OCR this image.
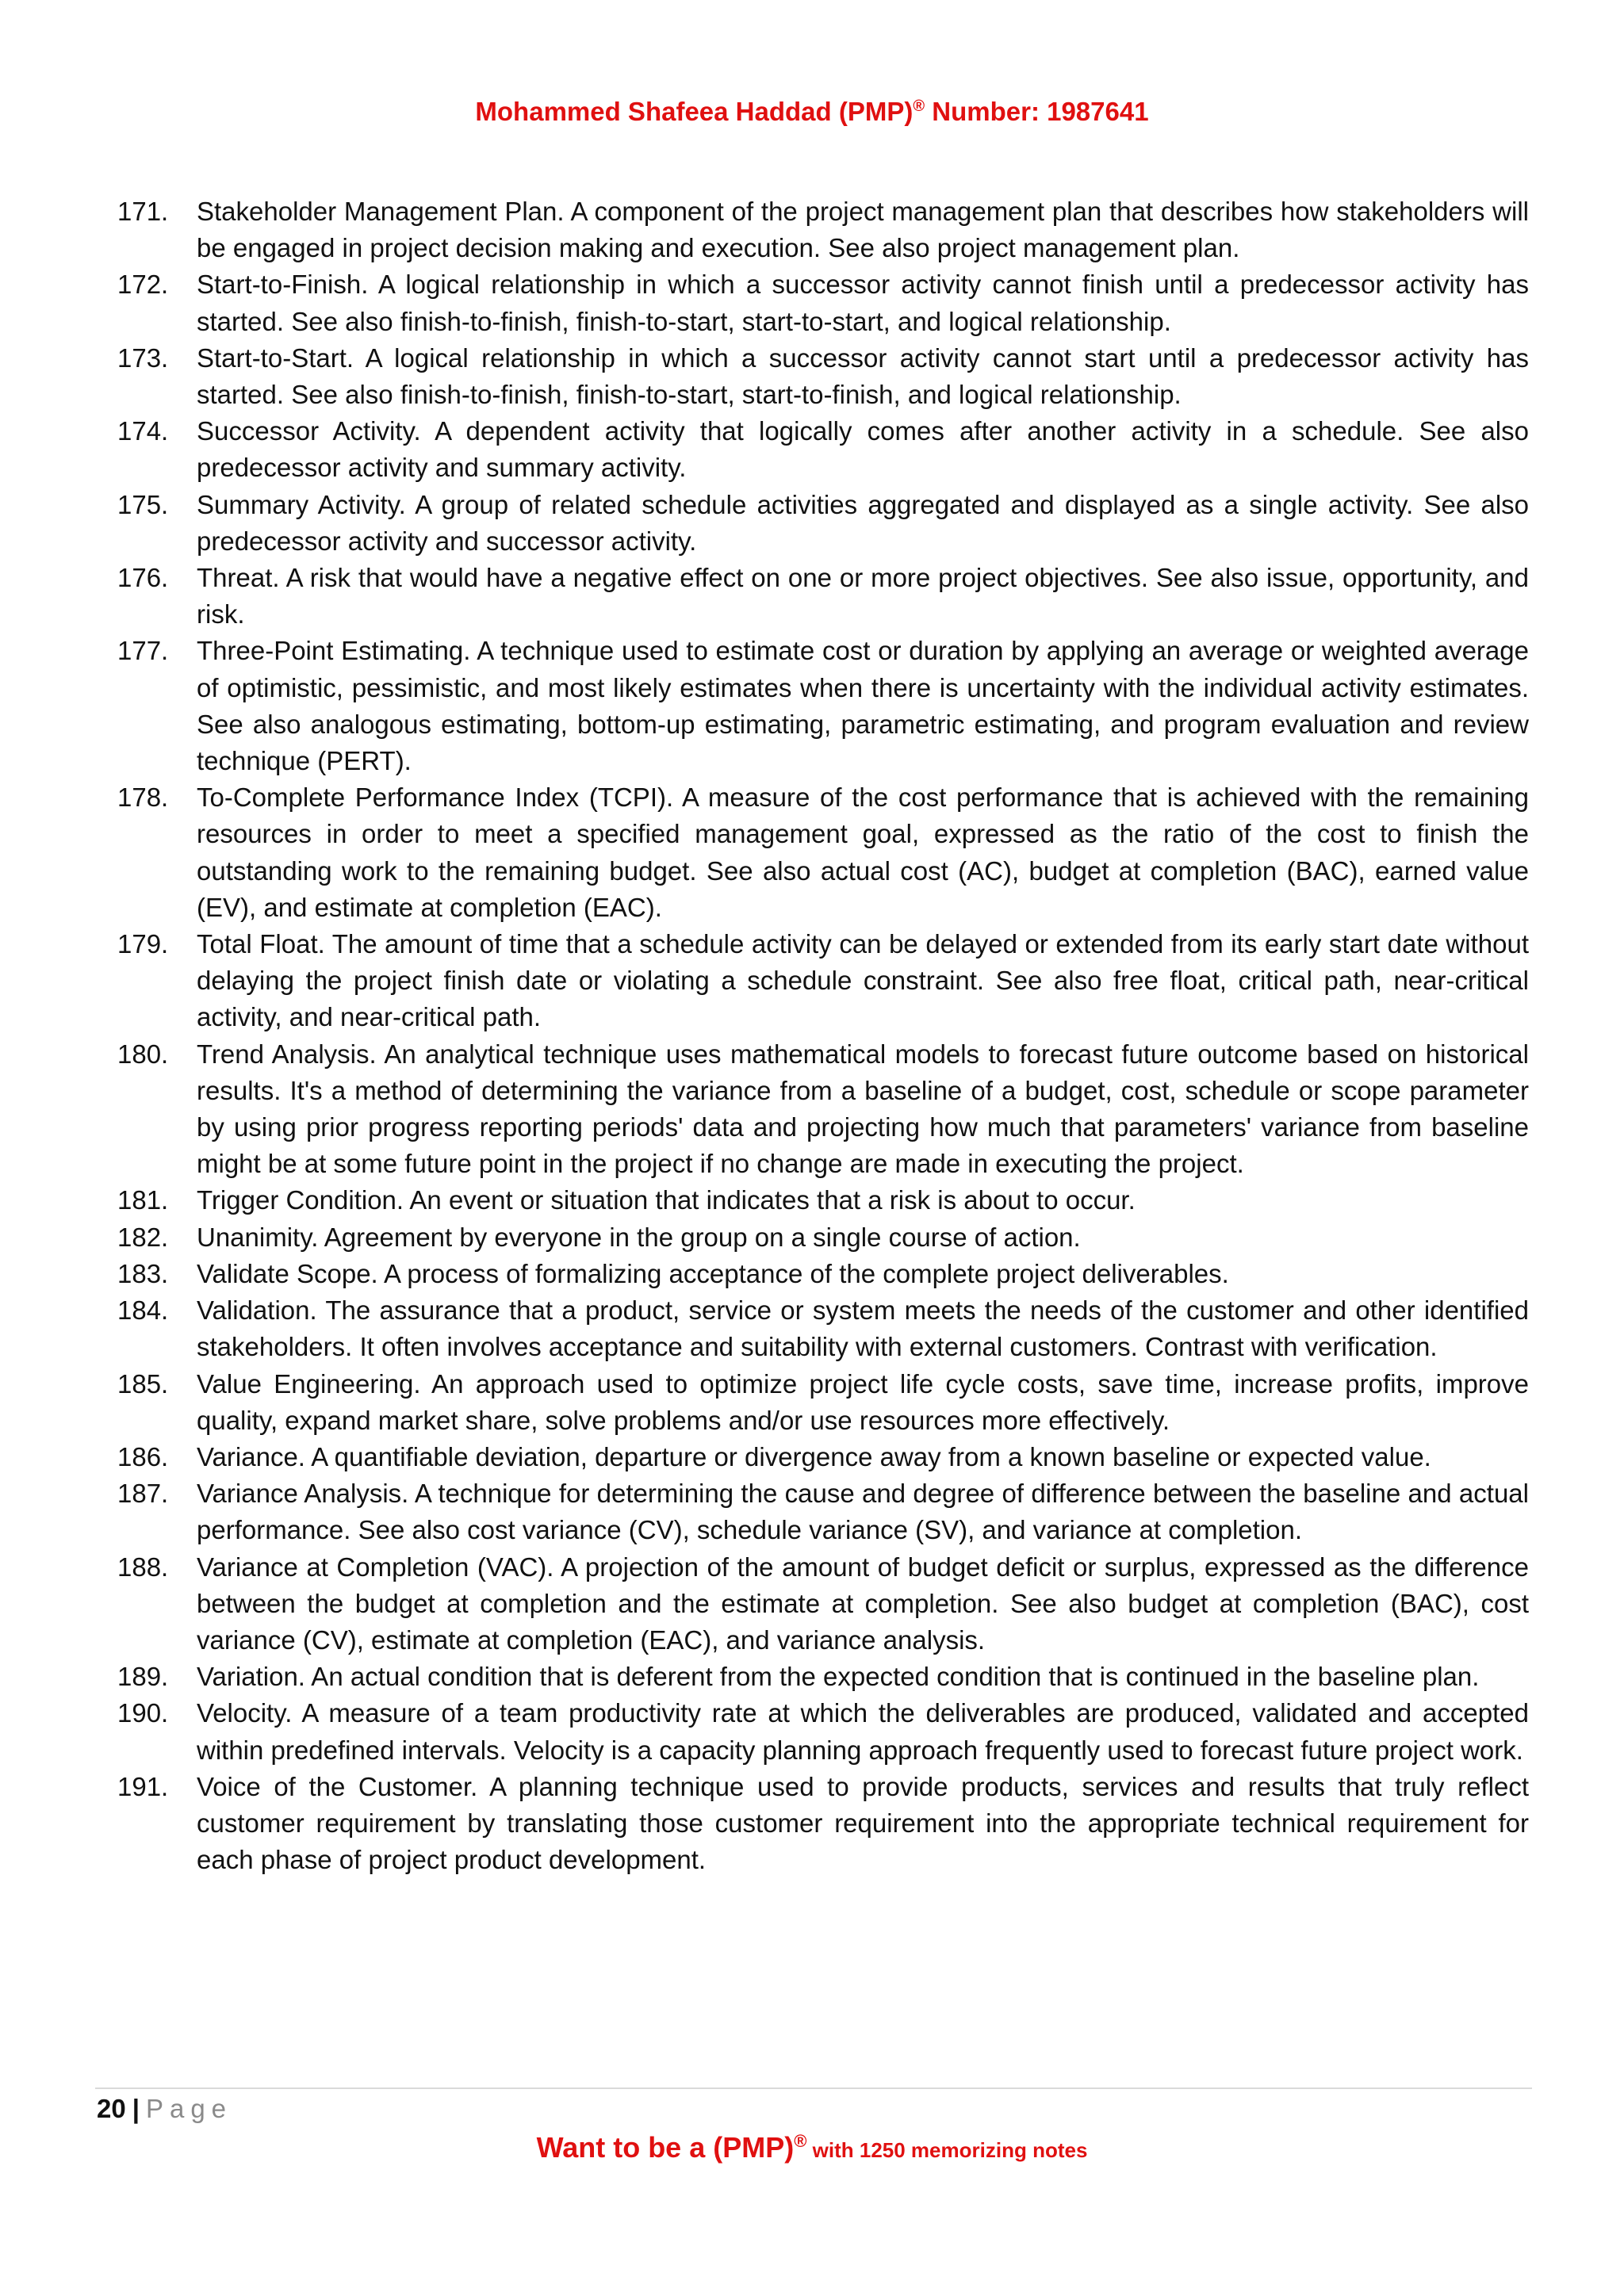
Mohammed Shafeea Haddad (PMP)® Number: 1987641
171.	Stakeholder Management Plan. A component of the project management plan that describes how stakeholders will be engaged in project decision making and execution. See also project management plan.
172.	Start-to-Finish. A logical relationship in which a successor activity cannot finish until a predecessor activity has started. See also finish-to-finish, finish-to-start, start-to-start, and logical relationship.
173.	Start-to-Start. A logical relationship in which a successor activity cannot start until a predecessor activity has started. See also finish-to-finish, finish-to-start, start-to-finish, and logical relationship.
174.	Successor Activity. A dependent activity that logically comes after another activity in a schedule. See also predecessor activity and summary activity.
175.	Summary Activity. A group of related schedule activities aggregated and displayed as a single activity. See also predecessor activity and successor activity.
176.	Threat. A risk that would have a negative effect on one or more project objectives. See also issue, opportunity, and risk.
177.	Three-Point Estimating. A technique used to estimate cost or duration by applying an average or weighted average of optimistic, pessimistic, and most likely estimates when there is uncertainty with the individual activity estimates. See also analogous estimating, bottom-up estimating, parametric estimating, and program evaluation and review technique (PERT).
178.	To-Complete Performance Index (TCPI). A measure of the cost performance that is achieved with the remaining resources in order to meet a specified management goal, expressed as the ratio of the cost to finish the outstanding work to the remaining budget. See also actual cost (AC), budget at completion (BAC), earned value (EV), and estimate at completion (EAC).
179.	Total Float. The amount of time that a schedule activity can be delayed or extended from its early start date without delaying the project finish date or violating a schedule constraint. See also free float, critical path, near-critical activity, and near-critical path.
180.	Trend Analysis. An analytical technique uses mathematical models to forecast future outcome based on historical results. It's a method of determining the variance from a baseline of a budget, cost, schedule or scope parameter by using prior progress reporting periods' data and projecting how much that parameters' variance from baseline might be at some future point in the project if no change are made in executing the project.
181.	Trigger Condition. An event or situation that indicates that a risk is about to occur.
182.	Unanimity. Agreement by everyone in the group on a single course of action.
183.	Validate Scope. A process of formalizing acceptance of the complete project deliverables.
184.	Validation. The assurance that a product, service or system meets the needs of the customer and other identified stakeholders. It often involves acceptance and suitability with external customers. Contrast with verification.
185.	Value Engineering. An approach used to optimize project life cycle costs, save time, increase profits, improve quality, expand market share, solve problems and/or use resources more effectively.
186.	Variance. A quantifiable deviation, departure or divergence away from a known baseline or expected value.
187.	Variance Analysis. A technique for determining the cause and degree of difference between the baseline and actual performance. See also cost variance (CV), schedule variance (SV), and variance at completion.
188.	Variance at Completion (VAC). A projection of the amount of budget deficit or surplus, expressed as the difference between the budget at completion and the estimate at completion. See also budget at completion (BAC), cost variance (CV), estimate at completion (EAC), and variance analysis.
189.	Variation. An actual condition that is deferent from the expected condition that is continued in the baseline plan.
190.	Velocity. A measure of a team productivity rate at which the deliverables are produced, validated and accepted within predefined intervals. Velocity is a capacity planning approach frequently used to forecast future project work.
191.	Voice of the Customer. A planning technique used to provide products, services and results that truly reflect customer requirement by translating those customer requirement into the appropriate technical requirement for each phase of project product development.
20 | Page
Want to be a (PMP)® with 1250 memorizing notes
